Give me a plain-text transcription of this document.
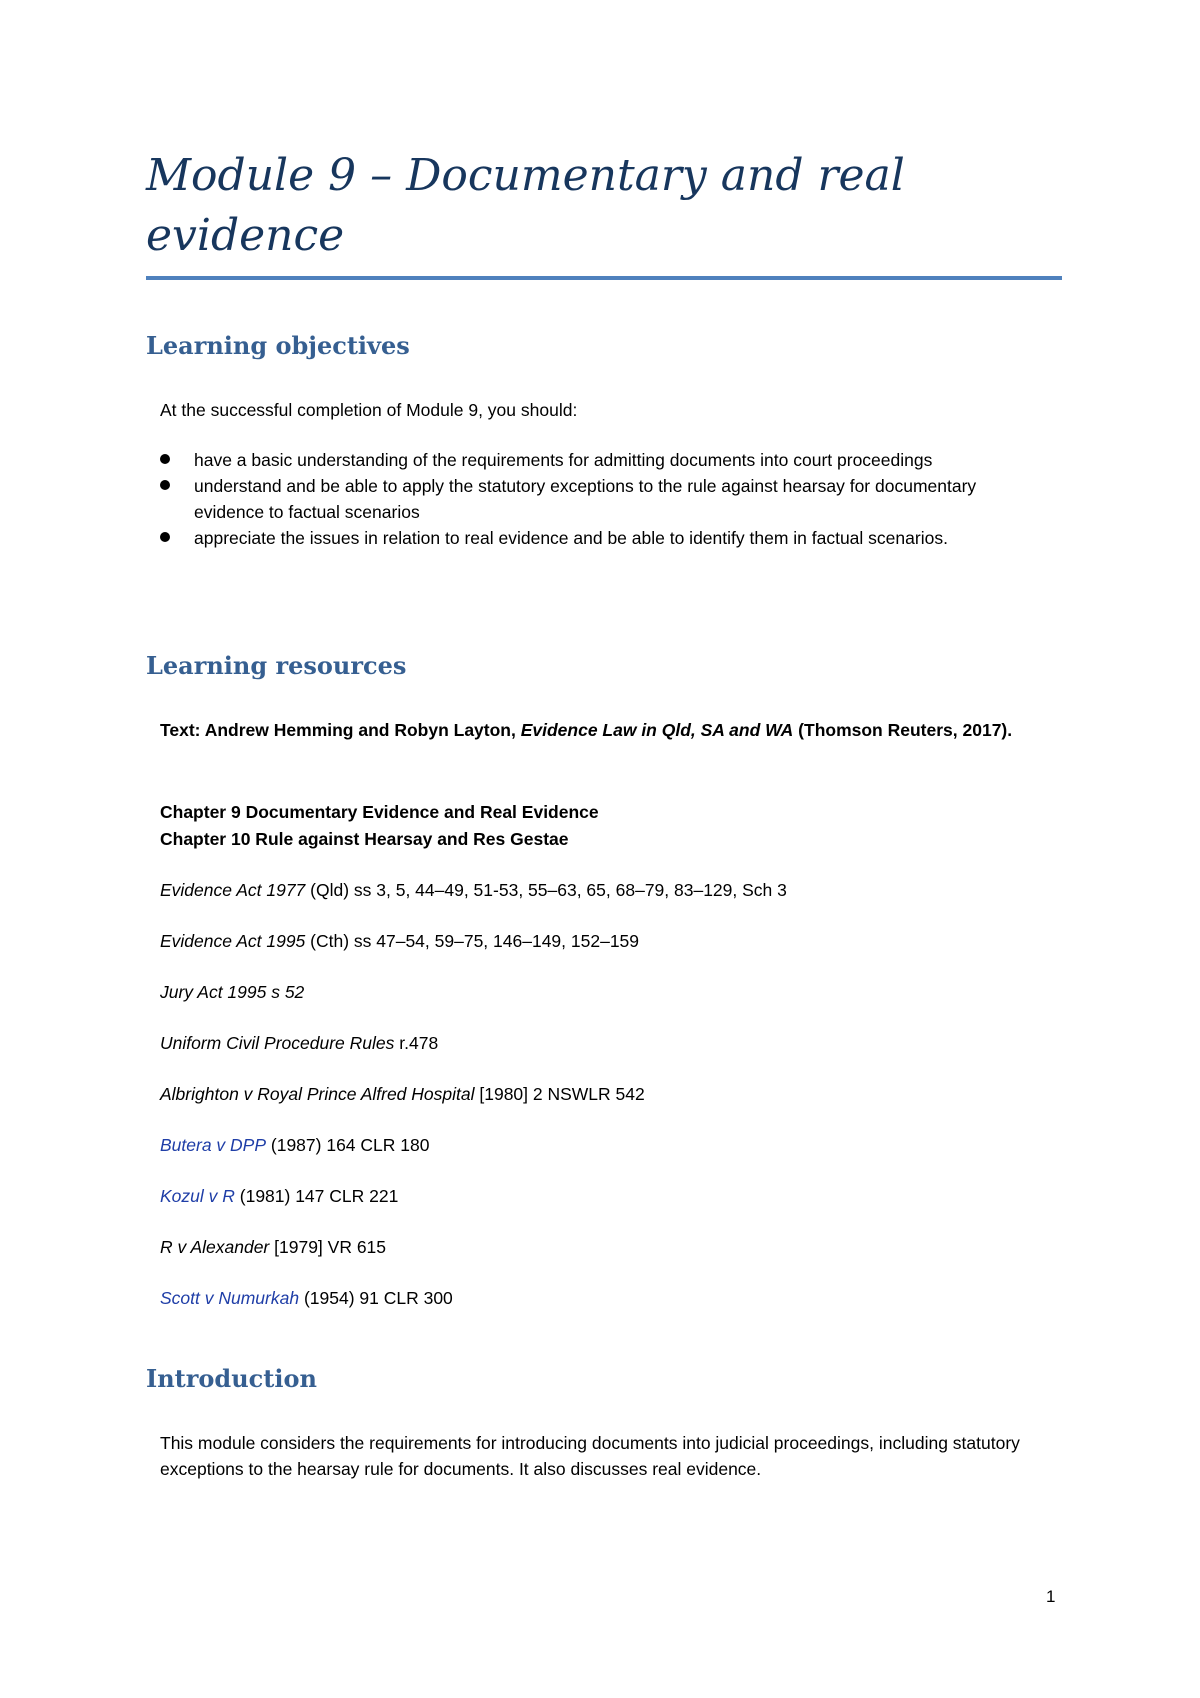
Module 9 – Documentary and real evidence
Learning objectives

At the successful completion of Module 9, you should:

have a basic understanding of the requirements for admitting documents into court proceedings
understand and be able to apply the statutory exceptions to the rule against hearsay for documentary evidence to factual scenarios
appreciate the issues in relation to real evidence and be able to identify them in factual scenarios.
Learning resources

Text: Andrew Hemming and Robyn Layton, Evidence Law in Qld, SA and WA (Thomson Reuters, 2017).

Chapter 9 Documentary Evidence and Real Evidence

Chapter 10 Rule against Hearsay and Res Gestae

Evidence Act 1977 (Qld) ss 3, 5, 44–49, 51-53, 55–63, 65, 68–79, 83–129, Sch 3

Evidence Act 1995 (Cth) ss 47–54, 59–75, 146–149, 152–159

Jury Act 1995 s 52

Uniform Civil Procedure Rules r.478

Albrighton v Royal Prince Alfred Hospital [1980] 2 NSWLR 542

Butera v DPP (1987) 164 CLR 180

Kozul v R (1981) 147 CLR 221

R v Alexander [1979] VR 615

Scott v Numurkah (1954) 91 CLR 300

Introduction

This module considers the requirements for introducing documents into judicial proceedings, including statutory exceptions to the hearsay rule for documents. It also discusses real evidence.

1
